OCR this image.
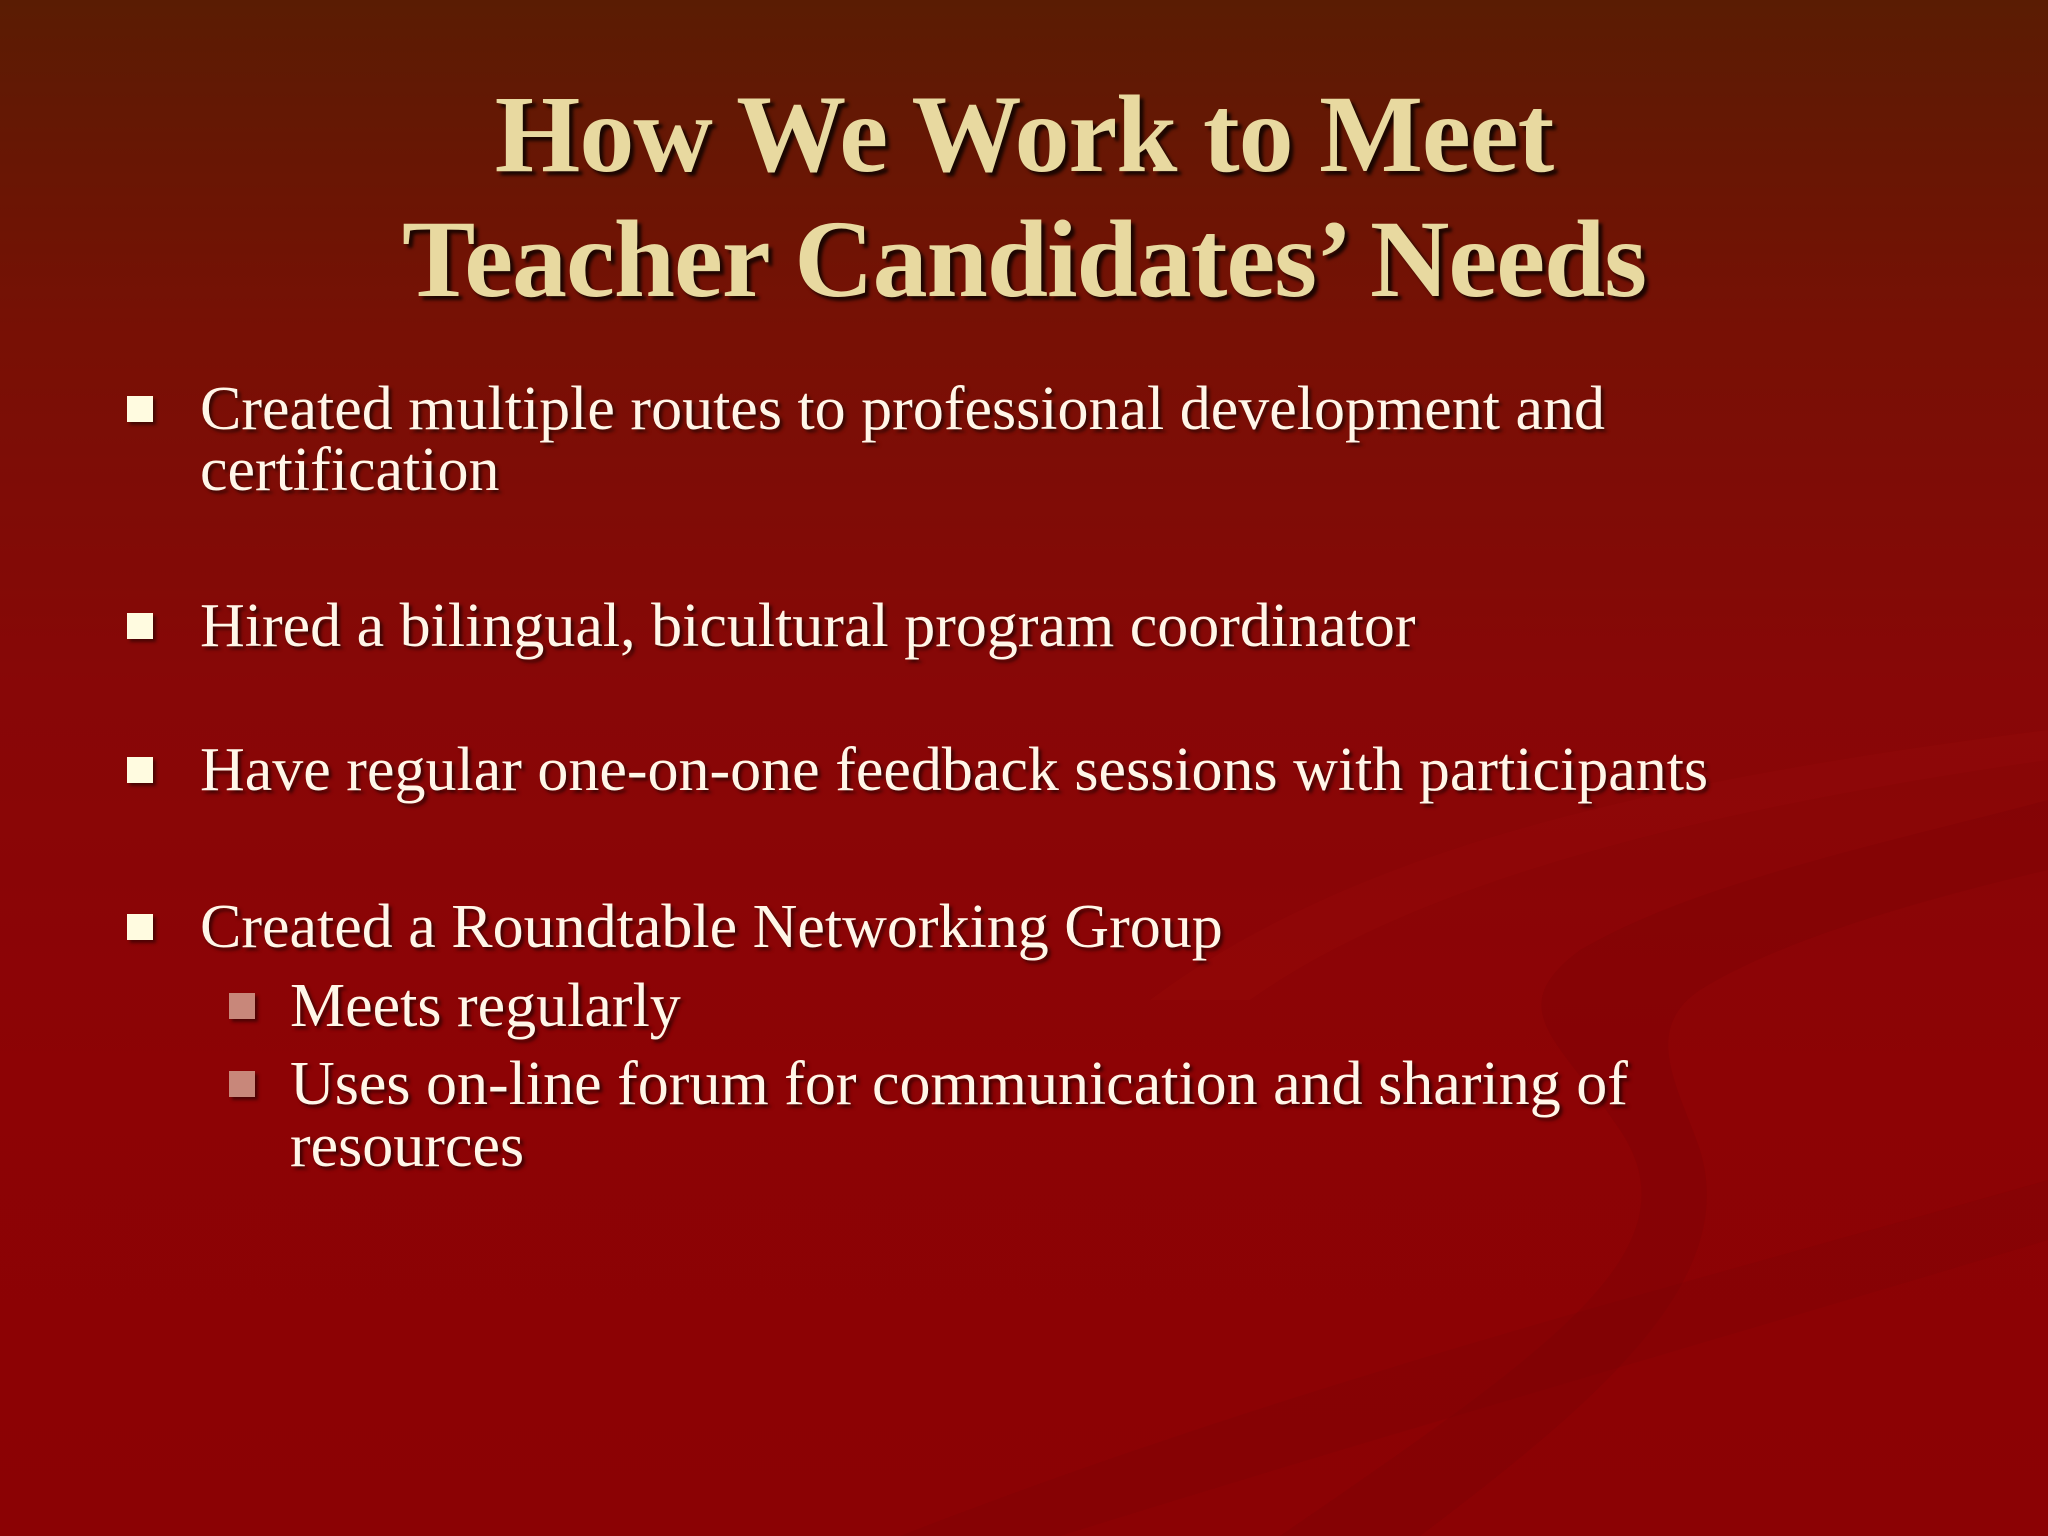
How We Work to Meet
Teacher Candidates’ Needs
Created multiple routes to professional development and
certification
Hired a bilingual, bicultural program coordinator
Have regular one-on-one feedback sessions with participants
Created a Roundtable Networking Group
Meets regularly
Uses on-line forum for communication and sharing of
resources
